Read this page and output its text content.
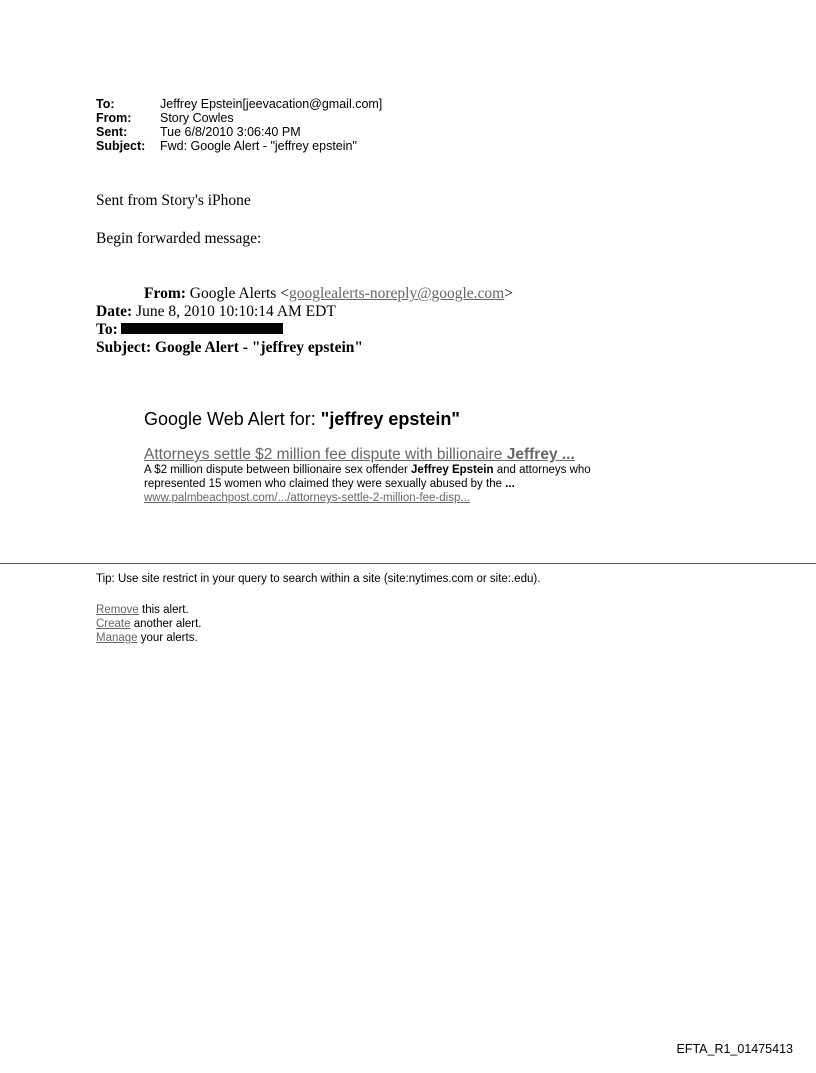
To:	Jeffrey Epstein[jeevacation@gmail.com]
From:	Story Cowles
Sent:	Tue 6/8/2010 3:06:40 PM
Subject:	Fwd: Google Alert - "jeffrey epstein"
Sent from Story's iPhone
Begin forwarded message:
From: Google Alerts <googlealerts-noreply@google.com>
Date: June 8, 2010 10:10:14 AM EDT
To:
Subject: Google Alert - "jeffrey epstein"
Google Web Alert for: "jeffrey epstein"
Attorneys settle $2 million fee dispute with billionaire Jeffrey ...
A $2 million dispute between billionaire sex offender Jeffrey Epstein and attorneys who represented 15 women who claimed they were sexually abused by the ...
www.palmbeachpost.com/.../attorneys-settle-2-million-fee-disp...
Tip: Use site restrict in your query to search within a site (site:nytimes.com or site:.edu).
Remove this alert.
Create another alert.
Manage your alerts.
EFTA_R1_01475413
